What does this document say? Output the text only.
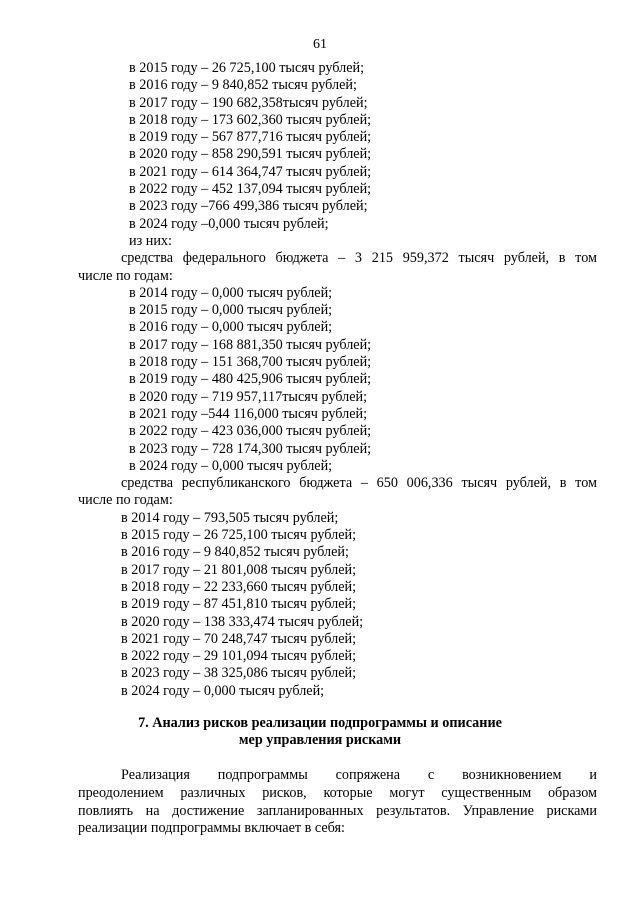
61
в 2015 году – 26 725,100 тысяч рублей;
в 2016 году – 9 840,852 тысяч рублей;
в 2017 году – 190 682,358тысяч рублей;
в 2018 году – 173 602,360 тысяч рублей;
в 2019 году – 567 877,716 тысяч рублей;
в 2020 году – 858 290,591 тысяч рублей;
в 2021 году – 614 364,747 тысяч рублей;
в 2022 году – 452 137,094 тысяч рублей;
в 2023 году –766 499,386 тысяч рублей;
в 2024 году –0,000 тысяч рублей;
из них:
средства федерального бюджета – 3 215 959,372 тысяч рублей, в том
числе по годам:
в 2014 году – 0,000 тысяч рублей;
в 2015 году – 0,000 тысяч рублей;
в 2016 году – 0,000 тысяч рублей;
в 2017 году – 168 881,350 тысяч рублей;
в 2018 году – 151 368,700 тысяч рублей;
в 2019 году – 480 425,906 тысяч рублей;
в 2020 году – 719 957,117тысяч рублей;
в 2021 году –544 116,000 тысяч рублей;
в 2022 году – 423 036,000 тысяч рублей;
в 2023 году – 728 174,300 тысяч рублей;
в 2024 году – 0,000 тысяч рублей;
средства республиканского бюджета – 650 006,336 тысяч рублей, в том
числе по годам:
в 2014 году – 793,505 тысяч рублей;
в 2015 году – 26 725,100 тысяч рублей;
в 2016 году – 9 840,852 тысяч рублей;
в 2017 году – 21 801,008 тысяч рублей;
в 2018 году – 22 233,660 тысяч рублей;
в 2019 году – 87 451,810 тысяч рублей;
в 2020 году – 138 333,474 тысяч рублей;
в 2021 году – 70 248,747 тысяч рублей;
в 2022 году – 29 101,094 тысяч рублей;
в 2023 году – 38 325,086 тысяч рублей;
в 2024 году – 0,000 тысяч рублей;
7. Анализ рисков реализации подпрограммы и описание
мер управления рисками
Реализация подпрограммы сопряжена с возникновением и
преодолением различных рисков, которые могут существенным образом
повлиять на достижение запланированных результатов. Управление рисками
реализации подпрограммы включает в себя:
